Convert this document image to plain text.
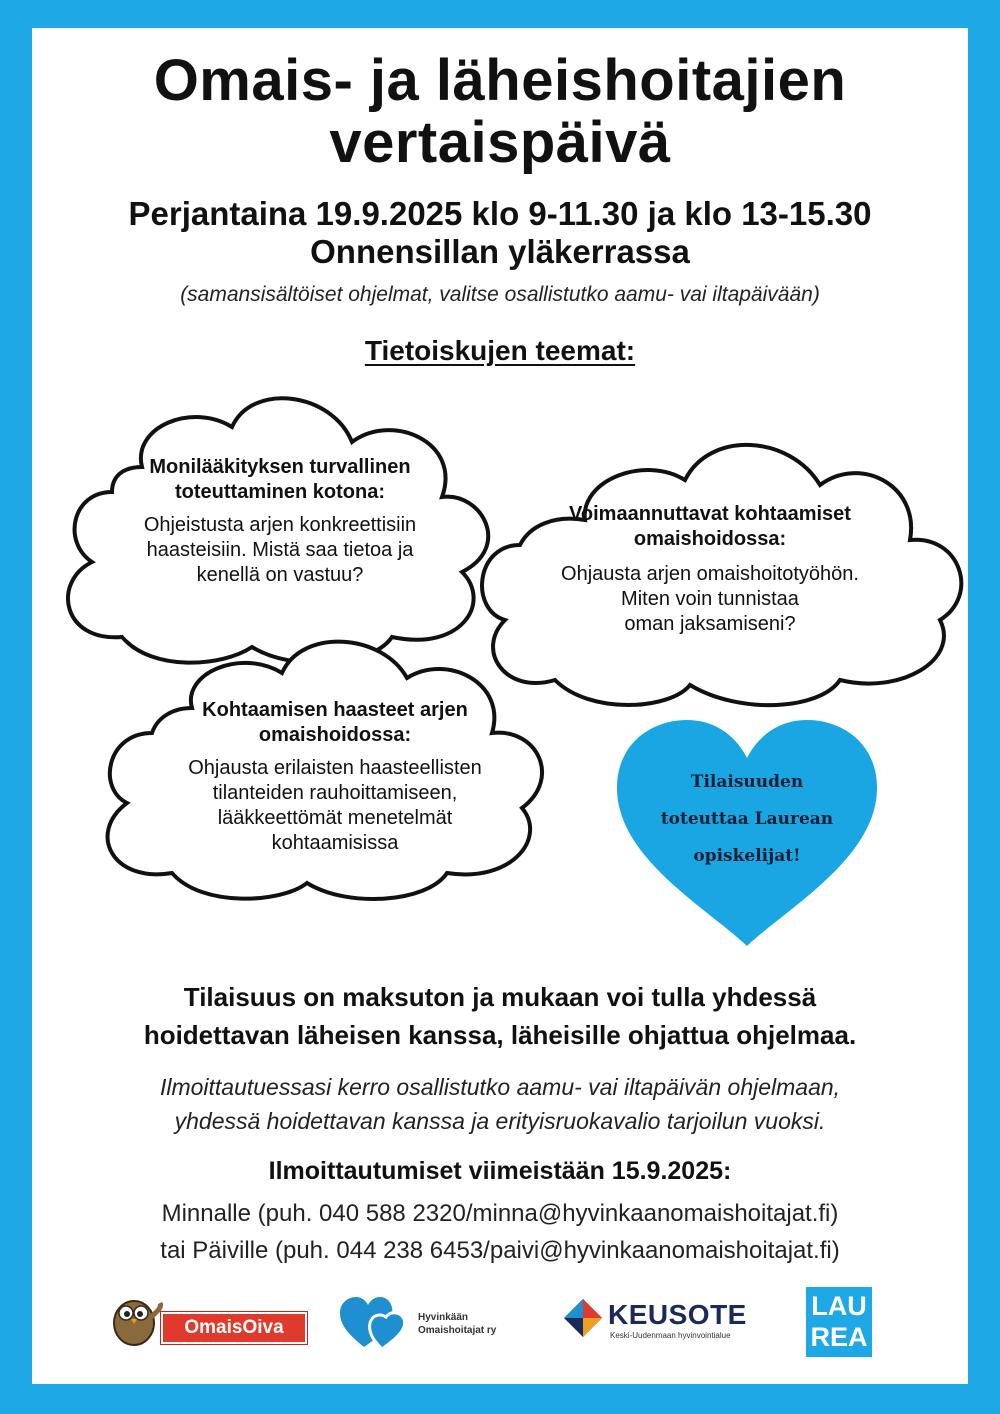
Omais- ja läheishoitajien
vertaispäivä
Perjantaina 19.9.2025 klo 9-11.30 ja klo 13-15.30
Onnensillan yläkerrassa
(samansisältöiset ohjelmat, valitse osallistutko aamu- vai iltapäivään)
Tietoiskujen teemat:
Monilääkityksen turvallinen
toteuttaminen kotona:
Ohjeistusta arjen konkreettisiin
haasteisiin. Mistä saa tietoa ja
kenellä on vastuu?
Voimaannuttavat kohtaamiset
omaishoidossa:
Ohjausta arjen omaishoitotyöhön.
Miten voin tunnistaa
oman jaksamiseni?
Kohtaamisen haasteet arjen
omaishoidossa:
Ohjausta erilaisten haasteellisten
tilanteiden rauhoittamiseen,
lääkkeettömät menetelmät
kohtaamisissa
Tilaisuuden
toteuttaa Laurean
opiskelijat!
Tilaisuus on maksuton ja mukaan voi tulla yhdessä
hoidettavan läheisen kanssa, läheisille ohjattua ohjelmaa.
Ilmoittautuessasi kerro osallistutko aamu- vai iltapäivän ohjelmaan,
yhdessä hoidettavan kanssa ja erityisruokavalio tarjoilun vuoksi.
Ilmoittautumiset viimeistään 15.9.2025:
Minnalle (puh. 040 588 2320/minna@hyvinkaanomaishoitajat.fi)
tai Päiville (puh. 044 238 6453/paivi@hyvinkaanomaishoitajat.fi)
OmaisOiva	Hyvinkään
Omaishoitajat ry
KEUSOTE
Keski-Uudenmaan hyvinvointialue
LAU
REA
